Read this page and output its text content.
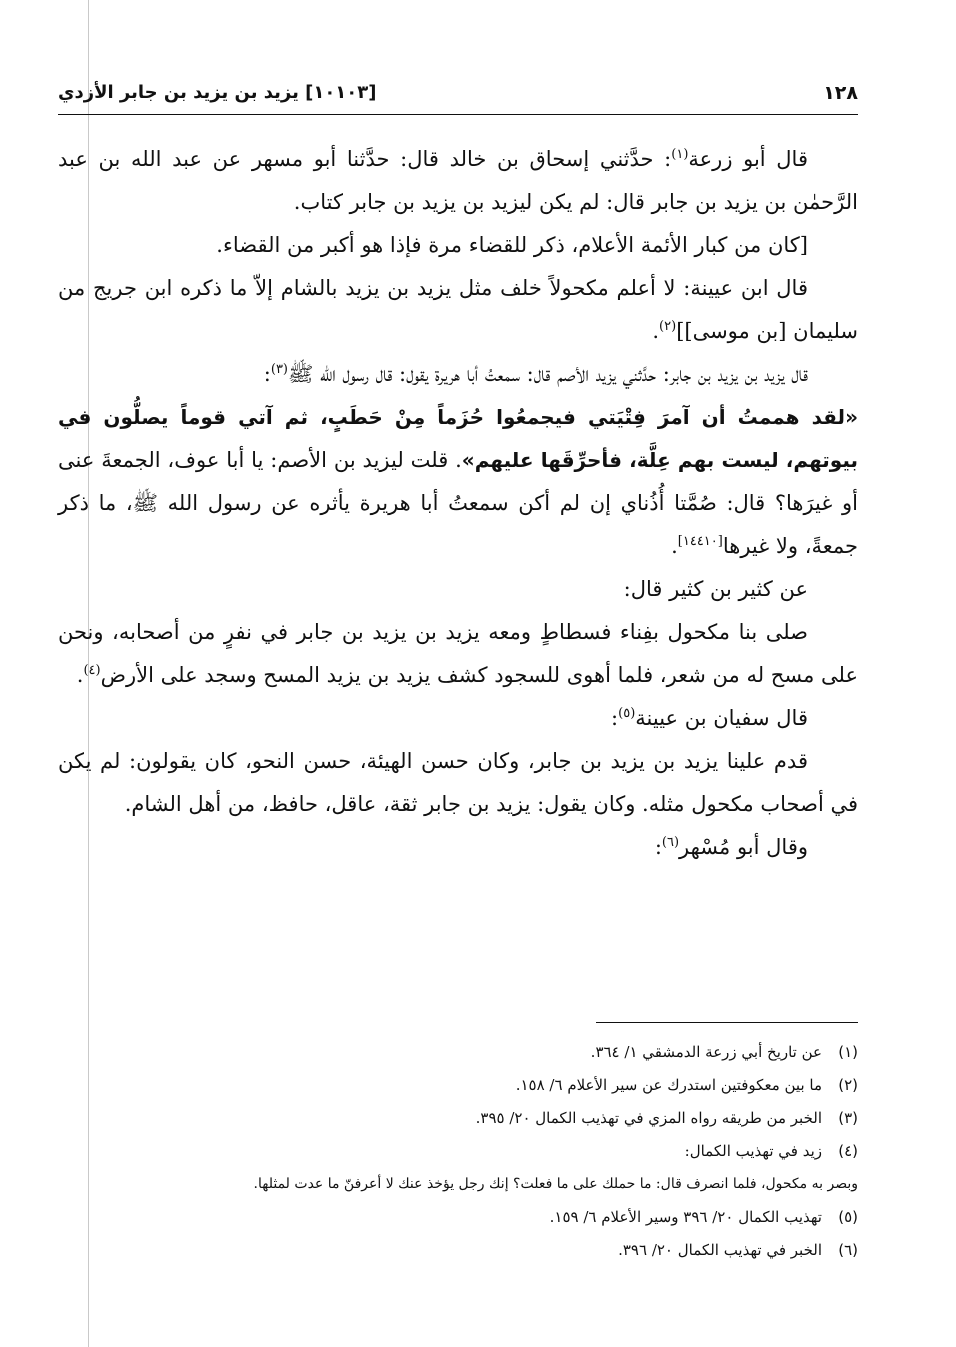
١٢٨
[١٠١٠٣] يزيد بن يزيد بن جابر الأزدي

قال أبو زرعة$^{(١)}$: حدَّثني إسحاق بن خالد قال: حدَّثنا أبو مسهر عن عبد الله بن عبد الرَّحمٰن بن يزيد بن جابر قال: لم يكن ليزيد بن يزيد بن جابر كتاب.

[كان من كبار الأئمة الأعلام، ذكر للقضاء مرة فإذا هو أكبر من القضاء.

قال ابن عيينة: لا أعلم مكحولاً خلف مثل يزيد بن يزيد بالشام إلاّ ما ذكره ابن جريج من سليمان [بن موسى]]$^{(٢)}$.

قال يزيد بن يزيد بن جابر: حدَّثني يزيد الأصم قال: سمعتُ أبا هريرة يقول: قال رسول الله ﷺ$^{(٣)}$:

«لقد هممتُ أن آمرَ فِتْيَتي فيجمعُوا حُزَماً مِنْ حَطَبٍ، ثم آتي قوماً يصلُّون في بيوتهم، ليست بهم عِلَّة، فأحرِّقَها عليهم». قلت ليزيد بن الأصم: يا أبا عوف، الجمعةَ عنى أو غيرَها؟ قال: صُمَّتا أُذُناي إن لم أكن سمعتُ أبا هريرة يأثره عن رسول الله ﷺ، ما ذكر جمعةً، ولا غيرها[١٤٤١٠].

عن كثير بن كثير قال:

صلى بنا مكحول بفِناء فسطاطٍ ومعه يزيد بن يزيد بن جابر في نفرٍ من أصحابه، ونحن على مسح له من شعر، فلما أهوى للسجود كشف يزيد بن يزيد المسح وسجد على الأرض$^{(٤)}$.

قال سفيان بن عيينة$^{(٥)}$:

قدم علينا يزيد بن يزيد بن جابر، وكان حسن الهيئة، حسن النحو، كان يقولون: لم يكن في أصحاب مكحول مثله. وكان يقول: يزيد بن جابر ثقة، عاقل، حافظ، من أهل الشام.

وقال أبو مُسْهر$^{(٦)}$:

(١)عن تاريخ أبي زرعة الدمشقي ١/ ٣٦٤.

(٢)ما بين معكوفتين استدرك عن سير الأعلام ٦/ ١٥٨.

(٣)الخبر من طريقه رواه المزي في تهذيب الكمال ٢٠/ ٣٩٥.

(٤)زيد في تهذيب الكمال:

وبصر به مكحول، فلما انصرف قال: ما حملك على ما فعلت؟ إنك رجل يؤخذ عنك لا أعرفنّ ما عدت لمثلها.

(٥)تهذيب الكمال ٢٠/ ٣٩٦ وسير الأعلام ٦/ ١٥٩.

(٦)الخبر في تهذيب الكمال ٢٠/ ٣٩٦.
